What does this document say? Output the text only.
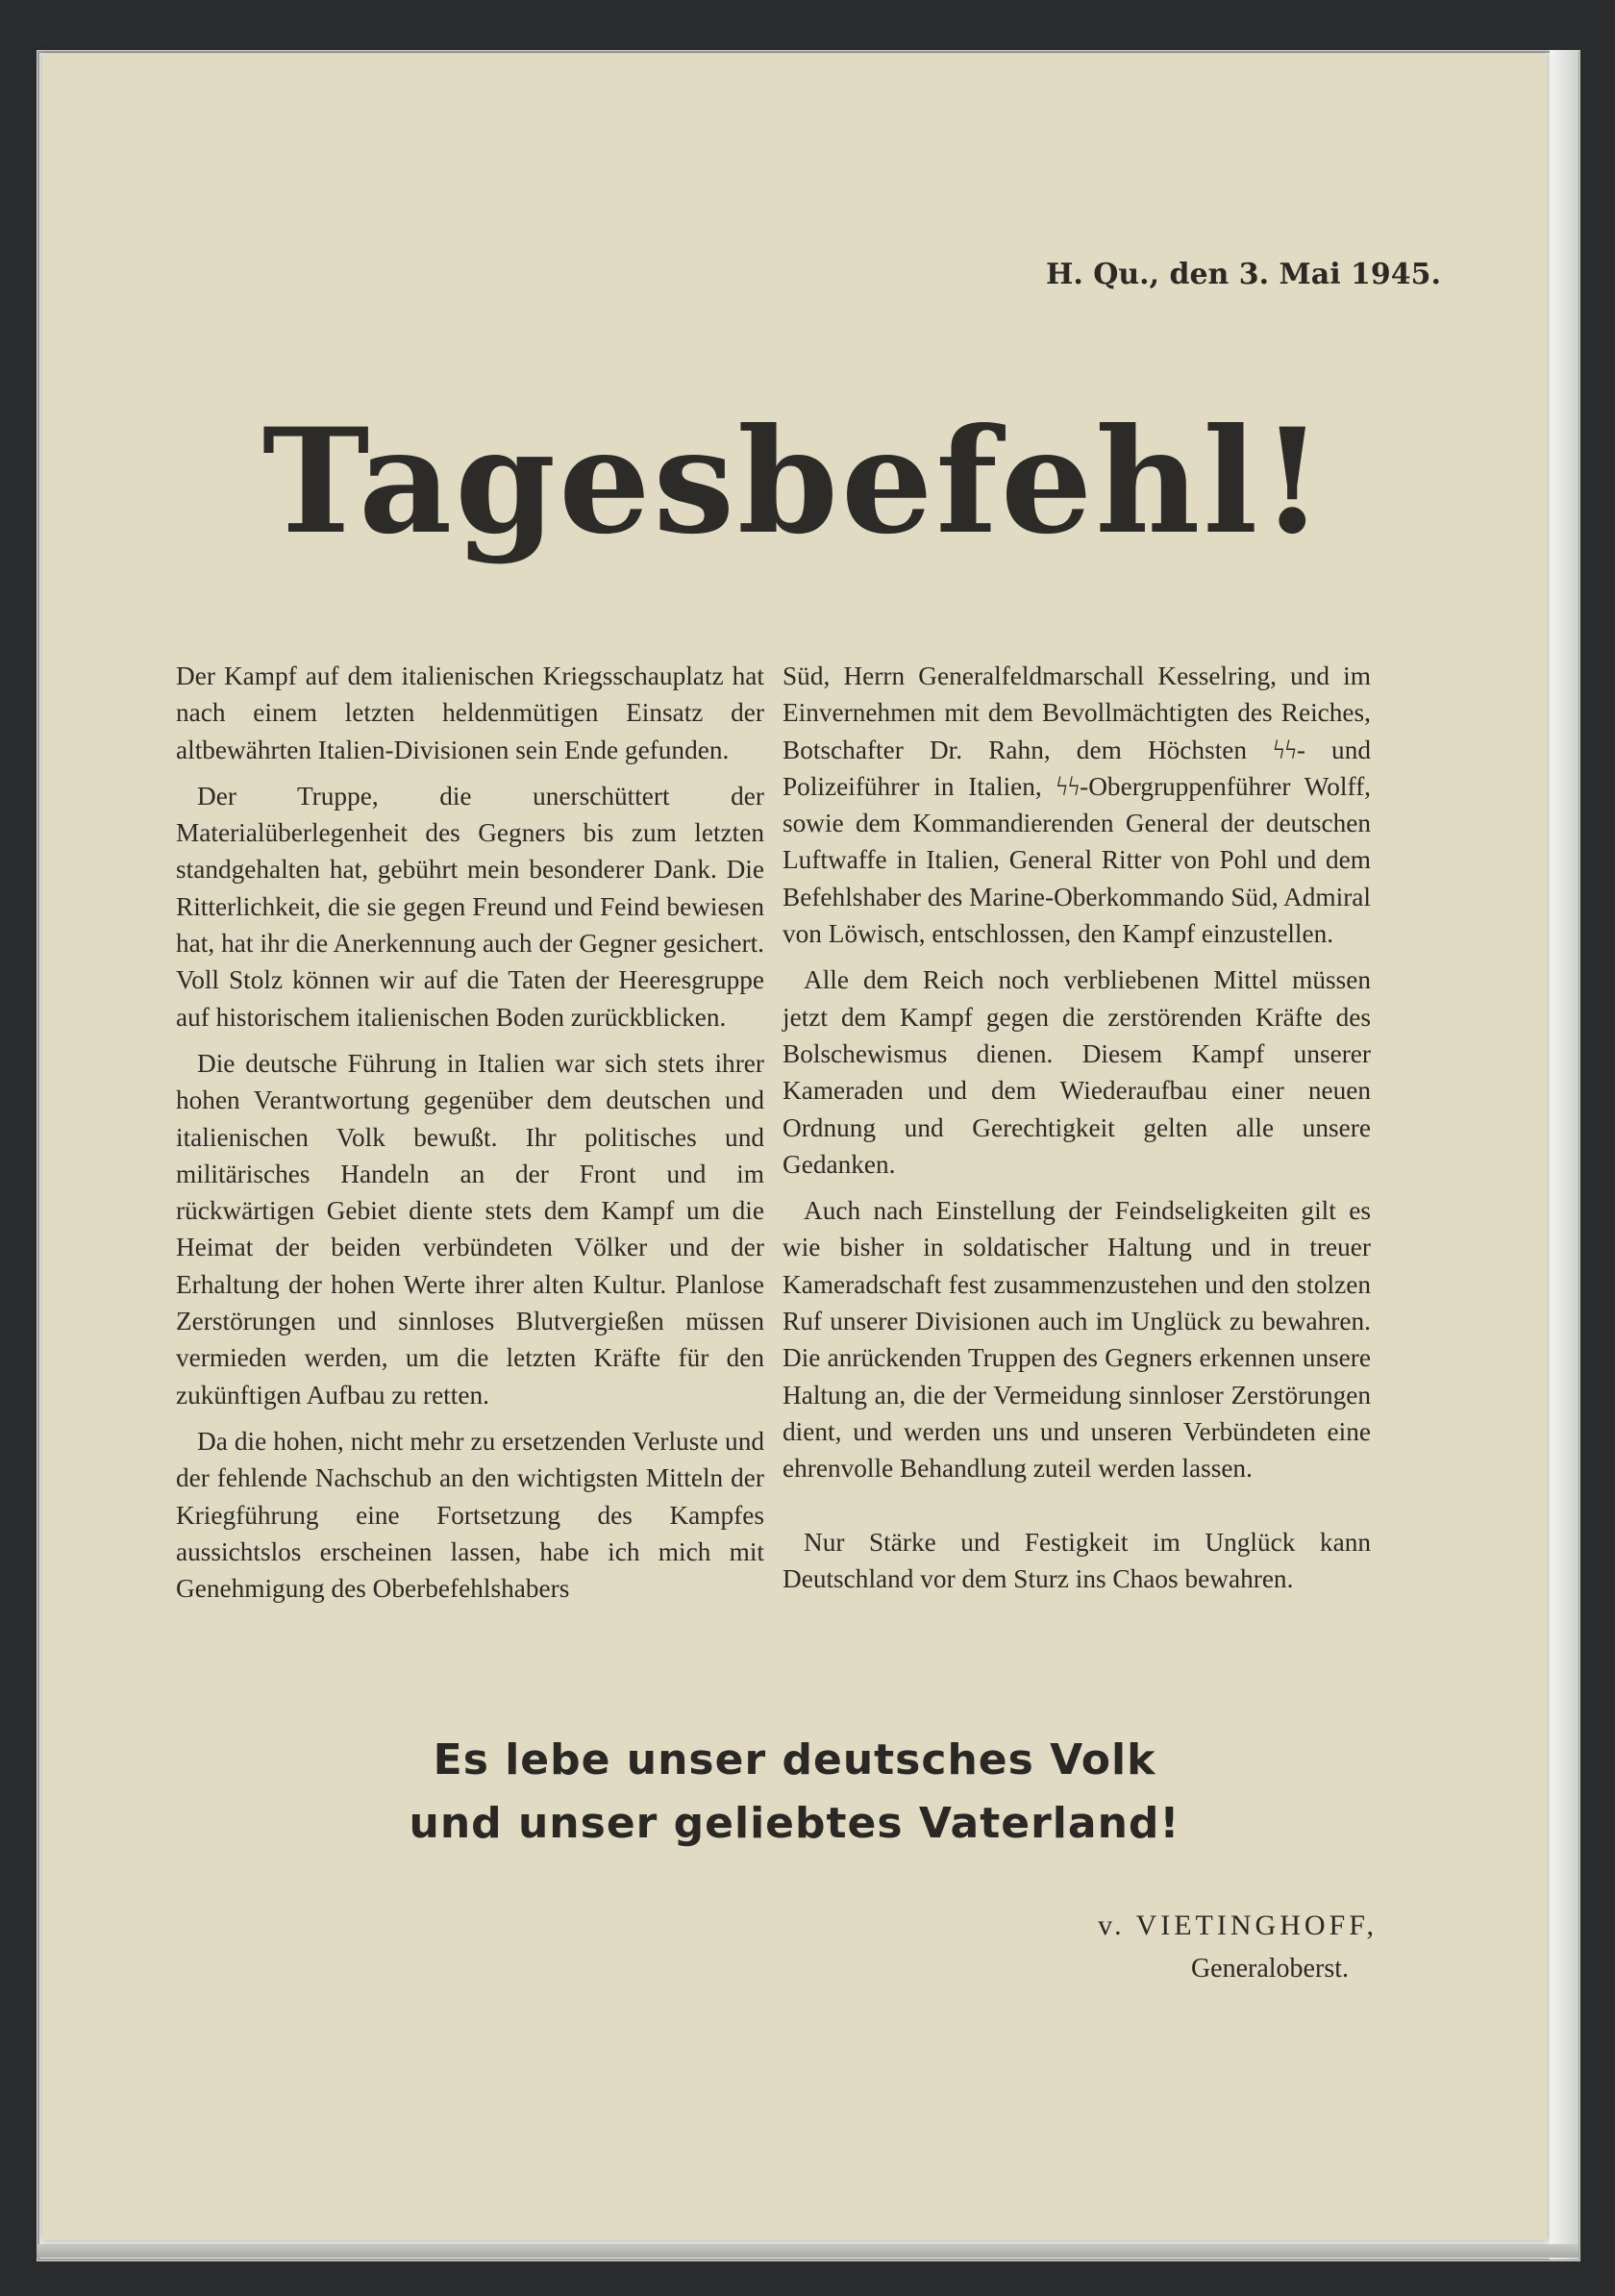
H. Qu., den 3. Mai 1945.
Tagesbefehl!

Der Kampf auf dem italienischen Kriegsschauplatz hat nach einem letzten heldenmütigen Einsatz der altbewährten Italien-Divisionen sein Ende gefunden.

Der Truppe, die unerschüttert der Materialüberlegenheit des Gegners bis zum letzten standgehalten hat, gebührt mein besonderer Dank. Die Ritterlichkeit, die sie gegen Freund und Feind bewiesen hat, hat ihr die Anerkennung auch der Gegner gesichert. Voll Stolz können wir auf die Taten der Heeresgruppe auf historischem italienischen Boden zurückblicken.

Die deutsche Führung in Italien war sich stets ihrer hohen Verantwortung gegenüber dem deutschen und italienischen Volk bewußt. Ihr politisches und militärisches Handeln an der Front und im rückwärtigen Gebiet diente stets dem Kampf um die Heimat der beiden verbündeten Völker und der Erhaltung der hohen Werte ihrer alten Kultur. Planlose Zerstörungen und sinnloses Blutvergießen müssen vermieden werden, um die letzten Kräfte für den zukünftigen Aufbau zu retten.

Da die hohen, nicht mehr zu ersetzenden Verluste und der fehlende Nachschub an den wichtigsten Mitteln der Kriegführung eine Fortsetzung des Kampfes aussichtslos erscheinen lassen, habe ich mich mit Genehmigung des Oberbefehlshabers

Süd, Herrn Generalfeldmarschall Kesselring, und im Einvernehmen mit dem Bevollmächtigten des Reiches, Botschafter Dr. Rahn, dem Höchsten ϟϟ- und Polizeiführer in Italien, ϟϟ-Obergruppenführer Wolff, sowie dem Kommandierenden General der deutschen Luftwaffe in Italien, General Ritter von Pohl und dem Befehlshaber des Marine-Oberkommando Süd, Admiral von Löwisch, entschlossen, den Kampf einzustellen.

Alle dem Reich noch verbliebenen Mittel müssen jetzt dem Kampf gegen die zerstörenden Kräfte des Bolschewismus dienen. Diesem Kampf unserer Kameraden und dem Wiederaufbau einer neuen Ordnung und Gerechtigkeit gelten alle unsere Gedanken.

Auch nach Einstellung der Feindseligkeiten gilt es wie bisher in soldatischer Haltung und in treuer Kameradschaft fest zusammenzustehen und den stolzen Ruf unserer Divisionen auch im Unglück zu bewahren. Die anrückenden Truppen des Gegners erkennen unsere Haltung an, die der Vermeidung sinnloser Zerstörungen dient, und werden uns und unseren Verbündeten eine ehrenvolle Behandlung zuteil werden lassen.

Nur Stärke und Festigkeit im Unglück kann Deutschland vor dem Sturz ins Chaos bewahren.

Es lebe unser deutsches Volk
und unser geliebtes Vaterland!
v. VIETINGHOFF,
Generaloberst.
